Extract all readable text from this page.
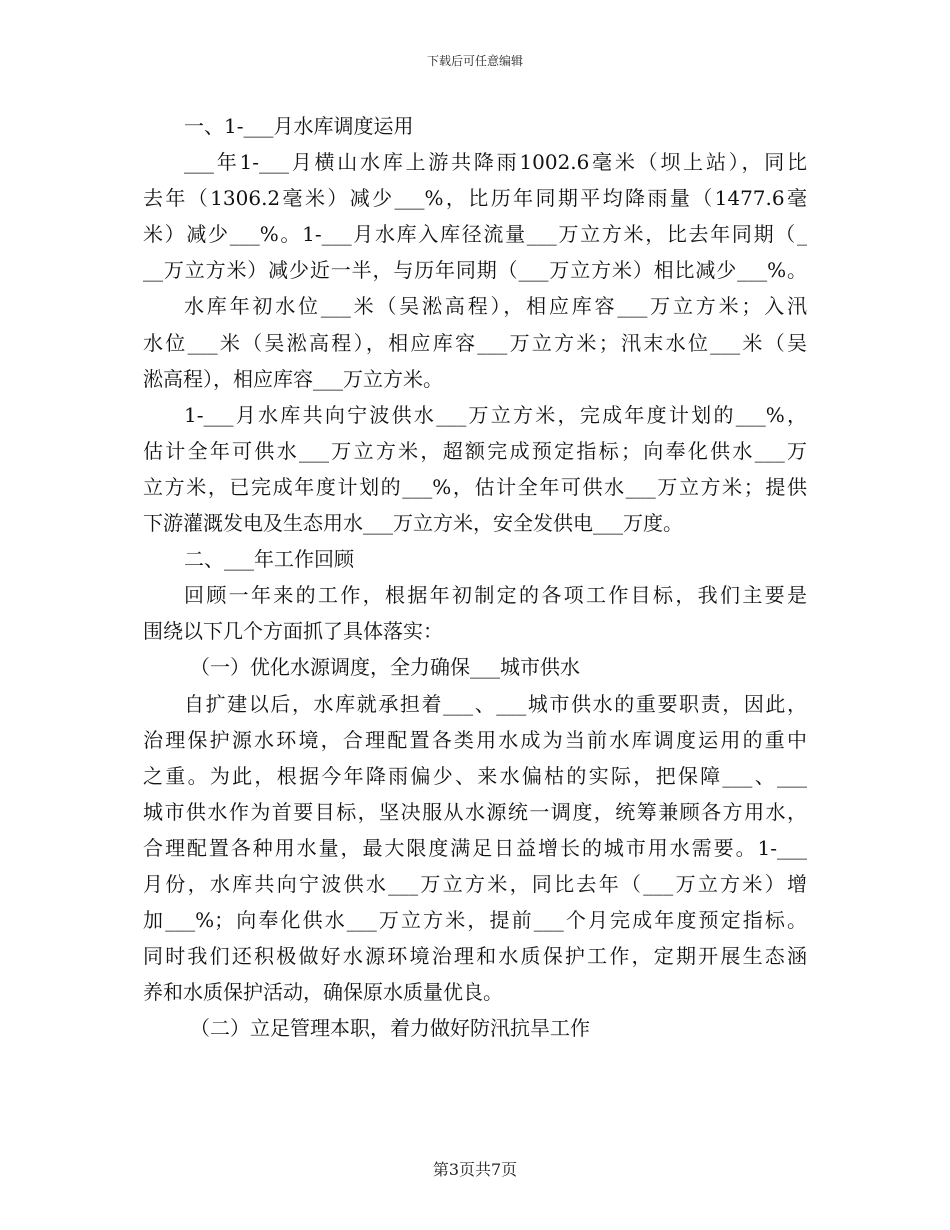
下载后可任意编辑
一、1-___月水库调度运用
___年1-___月横山水库上游共降雨1002.6毫米（坝上站），同比
去年（1306.2毫米）减少___%，比历年同期平均降雨量（1477.6毫
米）减少___%。1-___月水库入库径流量___万立方米，比去年同期（_
__万立方米）减少近一半，与历年同期（___万立方米）相比减少___%。
水库年初水位___米（吴淞高程），相应库容___万立方米；入汛
水位___米（吴淞高程），相应库容___万立方米；汛末水位___米（吴
淞高程），相应库容___万立方米。
1-___月水库共向宁波供水___万立方米，完成年度计划的___%，
估计全年可供水___万立方米，超额完成预定指标；向奉化供水___万
立方米，已完成年度计划的___%，估计全年可供水___万立方米；提供
下游灌溉发电及生态用水___万立方米，安全发供电___万度。
二、___年工作回顾
回顾一年来的工作，根据年初制定的各项工作目标，我们主要是
围绕以下几个方面抓了具体落实：
（一）优化水源调度，全力确保___城市供水
自扩建以后，水库就承担着___、___城市供水的重要职责，因此，
治理保护源水环境，合理配置各类用水成为当前水库调度运用的重中
之重。为此，根据今年降雨偏少、来水偏枯的实际，把保障___、___
城市供水作为首要目标，坚决服从水源统一调度，统筹兼顾各方用水，
合理配置各种用水量，最大限度满足日益增长的城市用水需要。1-___
月份，水库共向宁波供水___万立方米，同比去年（___万立方米）增
加___%；向奉化供水___万立方米，提前___个月完成年度预定指标。
同时我们还积极做好水源环境治理和水质保护工作，定期开展生态涵
养和水质保护活动，确保原水质量优良。
（二）立足管理本职，着力做好防汛抗旱工作
第3页共7页
